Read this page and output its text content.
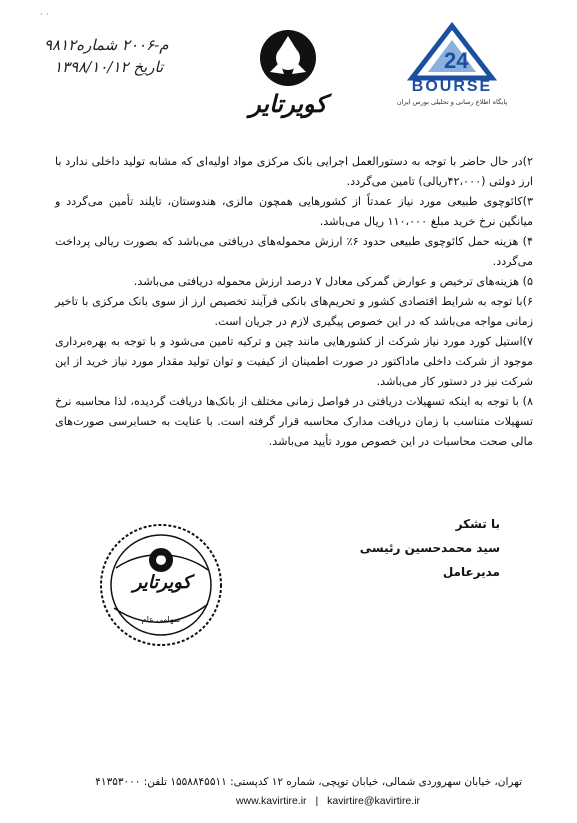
· ·
۹۸۱۲م-۲۰۰۶ شماره
۱۳۹۸/۱۰/۱۲ تاریخ	24
BOURSE
پایگاه اطلاع رسانی و تحلیلی بورس ایران
کویرتایر

۲)در حال حاضر با توجه به دستورالعمل اجرایی بانک مرکزی مواد اولیه‌ای که مشابه تولید داخلی ندارد با ارز دولتی (۴۲،۰۰۰ریالی) تامین می‌گردد.

۳)کائوچوی طبیعی مورد نیاز عمدتاً از کشورهایی همچون مالزی، هندوستان، تایلند تأمین می‌گردد و میانگین نرخ خرید مبلغ ۱۱۰،۰۰۰ ریال می‌باشد.

۴) هزینه حمل کائوچوی طبیعی حدود ۶٪ ارزش محموله‌های دریافتی می‌باشد که بصورت ریالی پرداخت می‌گردد.

۵) هزینه‌های ترخیص و عوارض گمرکی معادل ۷ درصد ارزش محموله دریافتی می‌باشد.

۶)با توجه به شرایط اقتصادی کشور و تحریم‌های بانکی فرآیند تخصیص ارز از سوی بانک مرکزی با تاخیر زمانی مواجه می‌باشد که در این خصوص پیگیری لازم در جریان است.

۷)استیل کورد مورد نیاز شرکت از کشورهایی مانند چین و ترکیه تامین می‌شود و با توجه به بهره‌برداری موجود از شرکت داخلی ماداکتور در صورت اطمینان از کیفیت و توان تولید مقدار مورد نیاز خرید از این شرکت نیز در دستور کار می‌باشد.

۸) با توجه به اینکه تسهیلات دریافتی در فواصل زمانی مختلف از بانک‌ها دریافت گردیده، لذا محاسبه نرخ تسهیلات متناسب با زمان دریافت مدارک محاسبه قرار گرفته است. با عنایت به حسابرسی صورت‌های مالی صحت محاسبات در این خصوص مورد تأیید می‌باشد.

با تشکر
سید محمدحسین رئیسی
مدیرعامل
کویرتایر
سهامی عام
تهران، خیابان سهروردی شمالی، خیابان توپچی، شماره ۱۲ کدپستی: ۱۵۵۸۸۴۵۵۱۱ تلفن: ۴۱۳۵۳۰۰۰
www.kavirtire.ir | kavirtire@kavirtire.ir
